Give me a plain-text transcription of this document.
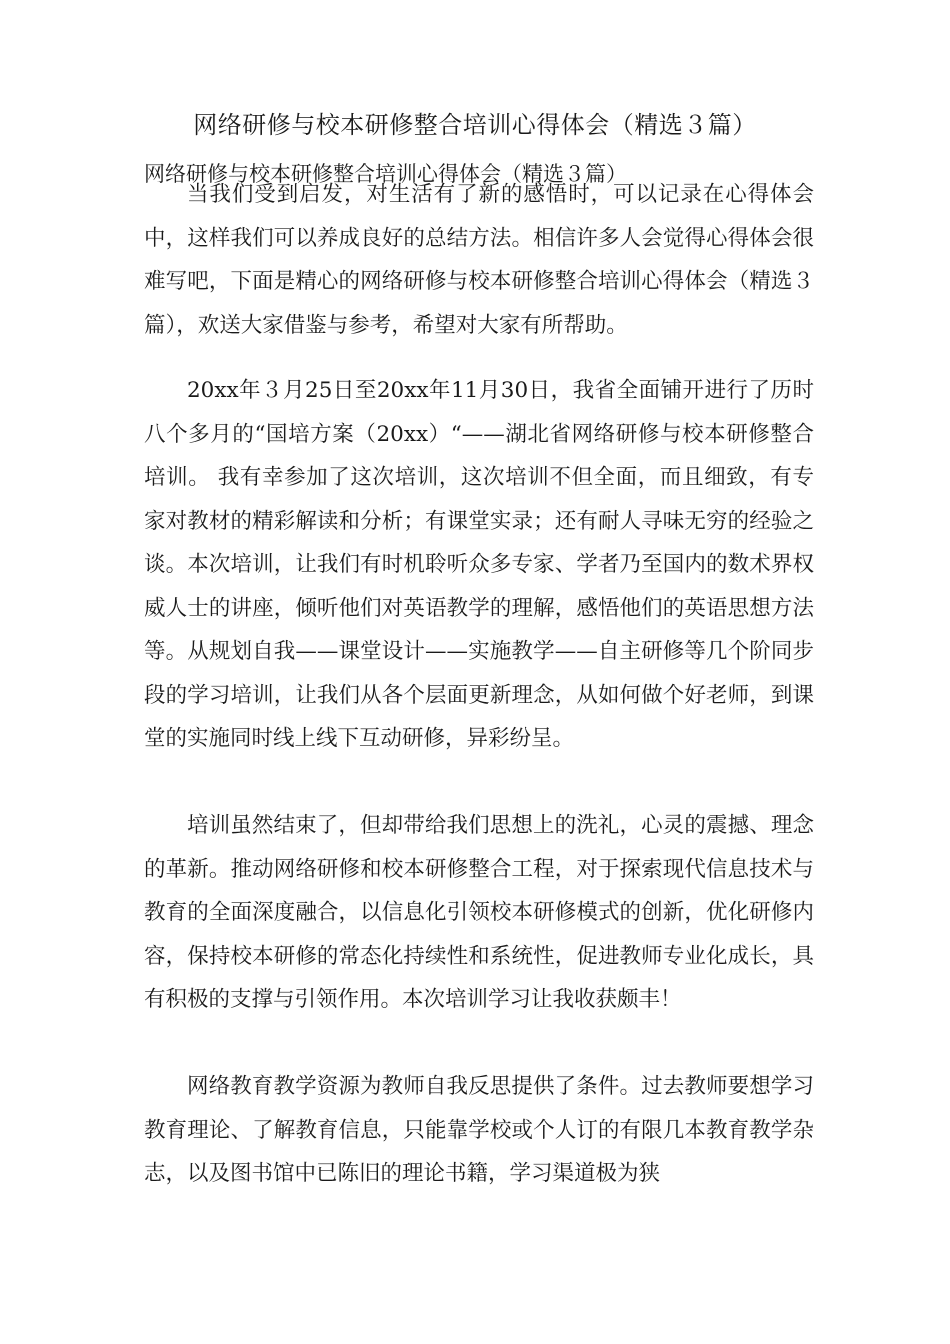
网络研修与校本研修整合培训心得体会（精选３篇）

网络研修与校本研修整合培训心得体会（精选３篇）

当我们受到启发，对生活有了新的感悟时，可以记录在心得体会中，这样我们可以养成良好的总结方法。相信许多人会觉得心得体会很难写吧，下面是精心的网络研修与校本研修整合培训心得体会（精选３篇），欢送大家借鉴与参考，希望对大家有所帮助。

20xx年３月25日至20xx年11月30日，我省全面铺开进行了历时八个多月的“国培方案（20xx）“——湖北省网络研修与校本研修整合培训。 我有幸参加了这次培训，这次培训不但全面，而且细致，有专家对教材的精彩解读和分析；有课堂实录；还有耐人寻味无穷的经验之谈。本次培训，让我们有时机聆听众多专家、学者乃至国内的数术界权威人士的讲座，倾听他们对英语教学的理解，感悟他们的英语思想方法等。从规划自我——课堂设计——实施教学——自主研修等几个阶同步段的学习培训，让我们从各个层面更新理念，从如何做个好老师，到课堂的实施同时线上线下互动研修，异彩纷呈。

培训虽然结束了，但却带给我们思想上的洗礼，心灵的震撼、理念的革新。推动网络研修和校本研修整合工程，对于探索现代信息技术与教育的全面深度融合，以信息化引领校本研修模式的创新，优化研修内容，保持校本研修的常态化持续性和系统性，促进教师专业化成长，具有积极的支撑与引领作用。本次培训学习让我收获颇丰！

网络教育教学资源为教师自我反思提供了条件。过去教师要想学习教育理论、了解教育信息，只能靠学校或个人订的有限几本教育教学杂志，以及图书馆中已陈旧的理论书籍，学习渠道极为狭
